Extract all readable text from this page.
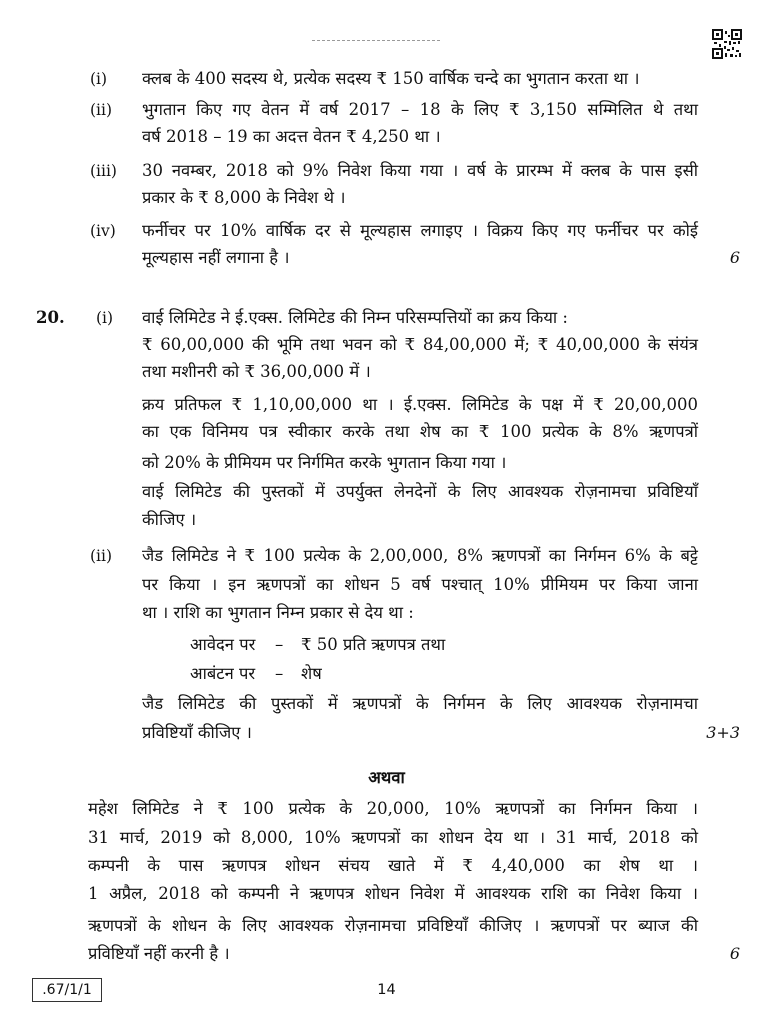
(i) क्लब के 400 सदस्य थे, प्रत्येक सदस्य ₹ 150 वार्षिक चन्दे का भुगतान करता था ।
(ii) भुगतान किए गए वेतन में वर्ष 2017 – 18 के लिए ₹ 3,150 सम्मिलित थे तथा
वर्ष 2018 – 19 का अदत्त वेतन ₹ 4,250 था ।
(iii) 30 नवम्बर, 2018 को 9% निवेश किया गया । वर्ष के प्रारम्भ में क्लब के पास इसी
प्रकार के ₹ 8,000 के निवेश थे ।
(iv) फर्नीचर पर 10% वार्षिक दर से मूल्यहास लगाइए । विक्रय किए गए फर्नीचर पर कोई
मूल्यहास नहीं लगाना है ।	6
20. (i) वाई लिमिटेड ने ई.एक्स. लिमिटेड की निम्न परिसम्पत्तियों का क्रय किया :
₹ 60,00,000 की भूमि तथा भवन को ₹ 84,00,000 में; ₹ 40,00,000 के संयंत्र
तथा मशीनरी को ₹ 36,00,000 में ।
क्रय प्रतिफल ₹ 1,10,00,000 था । ई.एक्स. लिमिटेड के पक्ष में ₹ 20,00,000
का एक विनिमय पत्र स्वीकार करके तथा शेष का ₹ 100 प्रत्येक के 8% ऋणपत्रों
को 20% के प्रीमियम पर निर्गमित करके भुगतान किया गया ।
वाई लिमिटेड की पुस्तकों में उपर्युक्त लेनदेनों के लिए आवश्यक रोज़नामचा प्रविष्टियाँ
कीजिए ।
(ii) जैड लिमिटेड ने ₹ 100 प्रत्येक के 2,00,000, 8% ऋणपत्रों का निर्गमन 6% के बट्टे
पर किया । इन ऋणपत्रों का शोधन 5 वर्ष पश्चात् 10% प्रीमियम पर किया जाना
था । राशि का भुगतान निम्न प्रकार से देय था :
आवेदन पर – ₹ 50 प्रति ऋणपत्र तथा
आबंटन पर – शेष
जैड लिमिटेड की पुस्तकों में ऋणपत्रों के निर्गमन के लिए आवश्यक रोज़नामचा
प्रविष्टियाँ कीजिए ।	3+3
अथवा
महेश लिमिटेड ने ₹ 100 प्रत्येक के 20,000, 10% ऋणपत्रों का निर्गमन किया ।
31 मार्च, 2019 को 8,000, 10% ऋणपत्रों का शोधन देय था । 31 मार्च, 2018 को
कम्पनी के पास ऋणपत्र शोधन संचय खाते में ₹ 4,40,000 का शेष था ।
1 अप्रैल, 2018 को कम्पनी ने ऋणपत्र शोधन निवेश में आवश्यक राशि का निवेश किया ।
ऋणपत्रों के शोधन के लिए आवश्यक रोज़नामचा प्रविष्टियाँ कीजिए । ऋणपत्रों पर ब्याज की
प्रविष्टियाँ नहीं करनी है ।	6
.67/1/1	14
